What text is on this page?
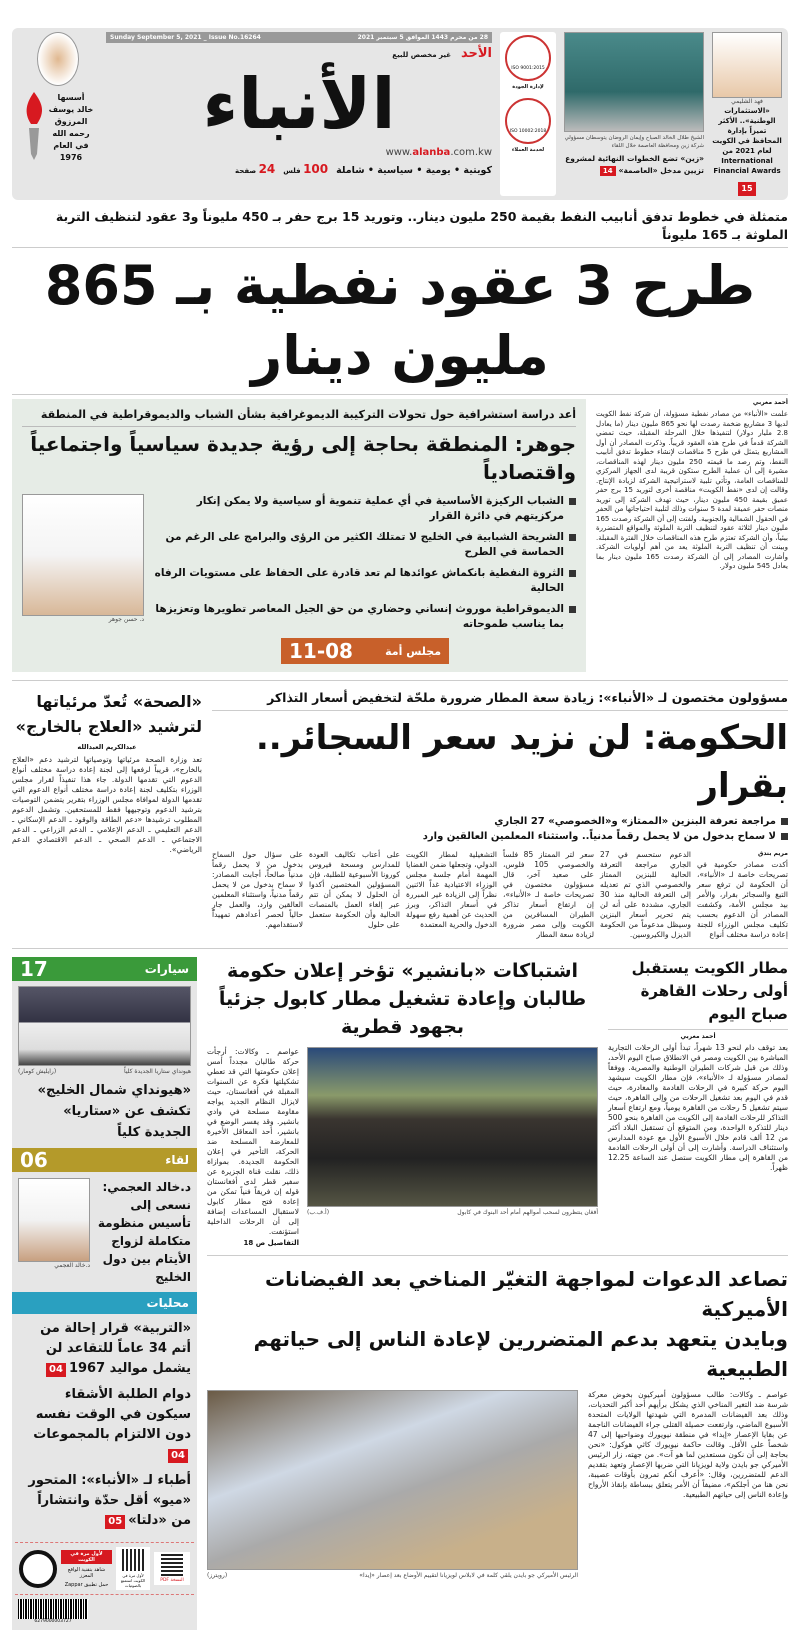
فهد الشليمي
«الاستثمارات الوطنية».. الأكثر تميزاً بإدارة المحافظ في الكويت لعام 2021 من International Financial Awards
15
الشيخ طلال الخالد الصباح وإيمان الروضان يتوسطان مسؤولي شركة زين ومحافظة العاصمة خلال اللقاء
«زين» تضع الخطوات النهائية لمشروع تزيين مدخل «العاصمة»14
ISO 9001:2015
لإدارة الجودة
ISO 10002:2018
لخدمة العملاء
28 من محرم 1443 الموافق 5 سبتمبر 2021
Sunday September 5, 2021 _ Issue No.16264
الأحد
غير مخصص للبيع
الأنباء
www.alanba.com.kw
كويتية • يومية • سياسية • شاملة
100 فلس
24 صفحة
أسسها
خالد يوسف
المرزوق
رحمه الله
في العام
1976
متمثلة في خطوط تدفق أنابيب النفط بقيمة 250 مليون دينار.. وتوريد 15 برج حفر بـ 450 مليوناً و3 عقود لتنظيف التربة الملوثة بـ 165 مليوناً
طرح 3 عقود نفطية بـ 865 مليون دينار
أحمد مغربي
علمت «الأنباء» من مصادر نفطية مسؤولة، أن شركة نفط الكويت لديها 3 مشاريع ضخمة رصدت لها نحو 865 مليون دينار (ما يعادل 2.8 مليار دولار) لتنفيذها خلال المرحلة المقبلة، حيث تمضي الشركة قدماً في طرح هذه العقود قريباً. وذكرت المصادر أن أول المشاريع يتمثل في طرح 5 مناقصات لإنشاء خطوط تدفق أنابيب النفط، وتم رصد ما قيمته 250 مليون دينار لهذه المناقصات، مشيرة إلى أن عملية الطرح ستكون قريبة لدى الجهاز المركزي للمناقصات العامة، وتأتي تلبية لاستراتيجية الشركة لزيادة الإنتاج. وقالت إن لدى «نفط الكويت» مناقصة أخرى لتوريد 15 برج حفر عميق بقيمة 450 مليون دينار، حيث تهدف الشركة إلى توريد منصات حفر عميقة لمدة 5 سنوات وذلك لتلبية احتياجاتها من الحفر في الحقول الشمالية والجنوبية. ولفتت إلى أن الشركة رصدت 165 مليون دينار لثلاثة عقود لتنظيف التربة الملوثة والمواقع المتضررة بيئياً، وأن الشركة تعتزم طرح هذه المناقصات خلال الفترة المقبلة. وبينت أن تنظيف التربة الملوثة يعد من أهم أولويات الشركة. وأشارت المصادر إلى أن الشركة رصدت 165 مليون دينار بما يعادل 545 مليون دولار.
أعد دراسة استشرافية حول تحولات التركيبة الديموغرافية بشأن الشباب والديموقراطية في المنطقة
جوهر: المنطقة بحاجة إلى رؤية جديدة سياسياً واجتماعياً واقتصادياً
الشباب الركيزة الأساسية في أي عملية تنموية أو سياسية ولا يمكن إنكار مركزيتهم في دائرة القرار
الشريحة الشبابية في الخليج لا تمتلك الكثير من الرؤى والبرامج على الرغم من الحماسة في الطرح
الثروة النفطية بانكماش عوائدها لم تعد قادرة على الحفاظ على مستويات الرفاه الحالية
الديموقراطية موروث إنساني وحضاري من حق الجيل المعاصر تطويرها وتعزيزها بما يناسب طموحاته
مجلس أمة
11-08
د. حسن جوهر
مسؤولون مختصون لـ «الأنباء»: زيادة سعة المطار ضرورة ملحّة لتخفيض أسعار التذاكر
الحكومة: لن نزيد سعر السجائر.. بقرار
مراجعة تعرفة البنزين «الممتاز» و«الخصوصي» 27 الجاري
لا سماح بدخول من لا يحمل رقماً مدنياً.. واستثناء المعلمين العالقين وارد
مريم بندق
أكدت مصادر حكومية في تصريحات خاصة لـ «الأنباء»، أن الحكومة لن ترفع سعر التبغ والسجائر بقرار، والأمر بيد مجلس الأمة، وكشفت المصادر أن الدعوم بحسب تكليف مجلس الوزراء للجنة إعادة دراسة مختلف أنواع
الدعوم ستحسم في 27 الجاري مراجعة التعرفة الحالية للبنزين الممتاز والخصوصي الذي تم تعديله إلى التعرفة الحالية منذ 30 الجاري، مشددة على أنه لن يتم تحرير أسعار البنزين وسيظل مدعوماً من الحكومة الديزل والكيروسين.
سعر لتر الممتاز 85 فلساً والخصوصي 105 فلوس، على صعيد آخر، قال مسؤولون مختصون في تصريحات خاصة لـ «الأنباء»، إن ارتفاع أسعار تذاكر الطيران المسافرين من الكويت وإلى مصر ضرورة لزيادة سعة المطار
التشغيلية لمطار الكويت الدولي، وتجعلها ضمن القضايا المهمة أمام جلسة مجلس الوزراء الاعتيادية غداً الاثنين نظراً إلى الزيادة غير المبررة في أسعار التذاكر، وبرز الحديث عن أهمية رفع سهولة الدخول والحرية المعتمدة
على أعتاب تكاليف العودة للمدارس ومسحة فيروس كورونا الأسبوعية للطلبة، فإن المسؤولين المختصين أكدوا أن الحلول لا يمكن أن تتم عبر إلغاء العمل بالمنصات الحالية وأن الحكومة ستعمل على حلول
على سؤال حول السماح بدخول من لا يحمل رقماً مدنياً صالحاً، أجابت المصادر: لا سماح بدخول من لا يحمل رقماً مدنياً، واستثناء المعلمين العالقين وارد، والعمل جارٍ حالياً لحصر أعدادهم تمهيداً لاستقدامهم.
«الصحة» تُعدّ مرئياتها لترشيد «العلاج بالخارج»
عبدالكريم العبدالله
تعد وزارة الصحة مرئياتها وتوصياتها لترشيد دعم «العلاج بالخارج»، قريباً لرفعها إلى لجنة إعادة دراسة مختلف أنواع الدعوم التي تقدمها الدولة. جاء هذا تنفيذاً لقرار مجلس الوزراء بتكليف لجنة إعادة دراسة مختلف أنواع الدعوم التي تقدمها الدولة لموافاة مجلس الوزراء بتقرير يتضمن التوصيات بترشيد الدعوم وتوجيهها فقط للمستحقين. وتشمل الدعوم المطلوب ترشيدها «دعم الطاقة والوقود ـ الدعم الإسكاني ـ الدعم التعليمي ـ الدعم الإعلامي ـ الدعم الزراعي ـ الدعم الاجتماعي ـ الدعم الصحي ـ الدعم الاقتصادي الدعم الرياضي».
مطار الكويت يستقبل أولى رحلات القاهرة صباح اليوم
أحمد مغربي
بعد توقف دام لنحو 13 شهراً، تبدأ أولى الرحلات التجارية المباشرة بين الكويت ومصر في الانطلاق صباح اليوم الأحد، وذلك من قبل شركات الطيران الوطنية والمصرية. ووفقاً لمصادر مسؤولة لـ «الأنباء»، فإن مطار الكويت سيشهد اليوم حركة كبيرة في الرحلات القادمة والمغادرة، حيث قدم في اليوم بعد تشغيل الرحلات من وإلى القاهرة، حيث سيتم تشغيل 5 رحلات من القاهرة يومياً، ومع ارتفاع أسعار التذاكر للرحلات القادمة إلى الكويت من القاهرة بنحو 500 دينار للتذكرة الواحدة، ومن المتوقع أن تستقبل البلاد أكثر من 12 ألف قادم خلال الأسبوع الأول مع عودة المدارس واستئناف الدراسة. وأشارت إلى أن أولى الرحلات القادمة من القاهرة إلى مطار الكويت ستصل عند الساعة 12.25 ظهراً.
اشتباكات «بانشير» تؤخر إعلان حكومة طالبان وإعادة تشغيل مطار كابول جزئياً بجهود قطرية
أفغان ينتظرون لسحب أموالهم أمام أحد البنوك في كابول
(أ.ف.ب)
عواصم ـ وكالات: أرجأت حركة طالبان مجدداً أمس إعلان حكومتها التي قد تعطي تشكيلتها فكرة عن السنوات المقبلة في أفغانستان، حيث لايزال النظام الجديد يواجه مقاومة مسلحة في وادي بانشير. وقد يفسر الوضع في بانشير، أحد المعاقل الأخيرة للمعارضة المسلحة ضد الحركة، التأخير في إعلان الحكومة الجديدة. بموازاة ذلك، نقلت قناة الجزيرة عن سفير قطر لدى أفغانستان قوله إن فريقاً فنياً تمكن من إعادة فتح مطار كابول لاستقبال المساعدات إضافة إلى أن الرحلات الداخلية استؤنفت.
التفاصيل ص 18
تصاعد الدعوات لمواجهة التغيّر المناخي بعد الفيضانات الأميركية
وبايدن يتعهد بدعم المتضررين لإعادة الناس إلى حياتهم الطبيعية
عواصم ـ وكالات: طالب مسؤولون أميركيون بخوض معركة شرسة ضد التغير المناخي الذي يشكل برأيهم أحد أكبر التحديات، وذلك بعد الفيضانات المدمرة التي شهدتها الولايات المتحدة الأسبوع الماضي، وارتفعت حصيلة القتلى جراء الفيضانات الناجمة عن بقايا الإعصار «إيدا» في منطقة نيويورك وضواحيها إلى 47 شخصاً على الأقل. وقالت حاكمة نيويورك كاثي هوكول: «نحن بحاجة إلى أن نكون مستعدين لما هو آت». من جهته، زار الرئيس الأميركي جو بايدن ولاية لويزيانا التي ضربها الإعصار وتعهد بتقديم الدعم للمتضررين، وقال: «أعرف أنكم تمرون بأوقات عصيبة، نحن هنا من أجلكم»، مضيفاً أن الأمر يتعلق ببساطة بإنقاذ الأرواح وإعادة الناس إلى حياتهم الطبيعية.
الرئيس الأميركي جو بايدن يلقي كلمة في لابلاس لويزيانا لتقييم الأوضاع بعد إعصار «إيدا»
(رويترز)
سيارات
17
هيونداي ستاريا الجديدة كلياً
(رايليش كومار)
«هيونداي شمال الخليج» تكشف عن «ستاريا» الجديدة كلياً
لقاء
06
د.خالد العجمي: نسعى إلى تأسيس منظومة متكاملة لزواج الأيتام بين دول الخليج
د.خالد العجمي
محليات
«التربية» قرار إحالة من أتم 34 عاماً للتقاعد لن يشمل مواليد 196704
دوام الطلبة الأشقاء سيكون في الوقت نفسه دون الالتزام بالمجموعات04
أطباء لـ «الأنباء»: المتحور «ميو» أقل حدّة وانتشاراً من «دلتا»05
النسخة PDF
لأول مرة في الكويت استمتع بالصوتيات
لأول مرة في الكويت
شاهد بتقنية الواقع المعزز
حمل تطبيق Zappar
6279000003727
